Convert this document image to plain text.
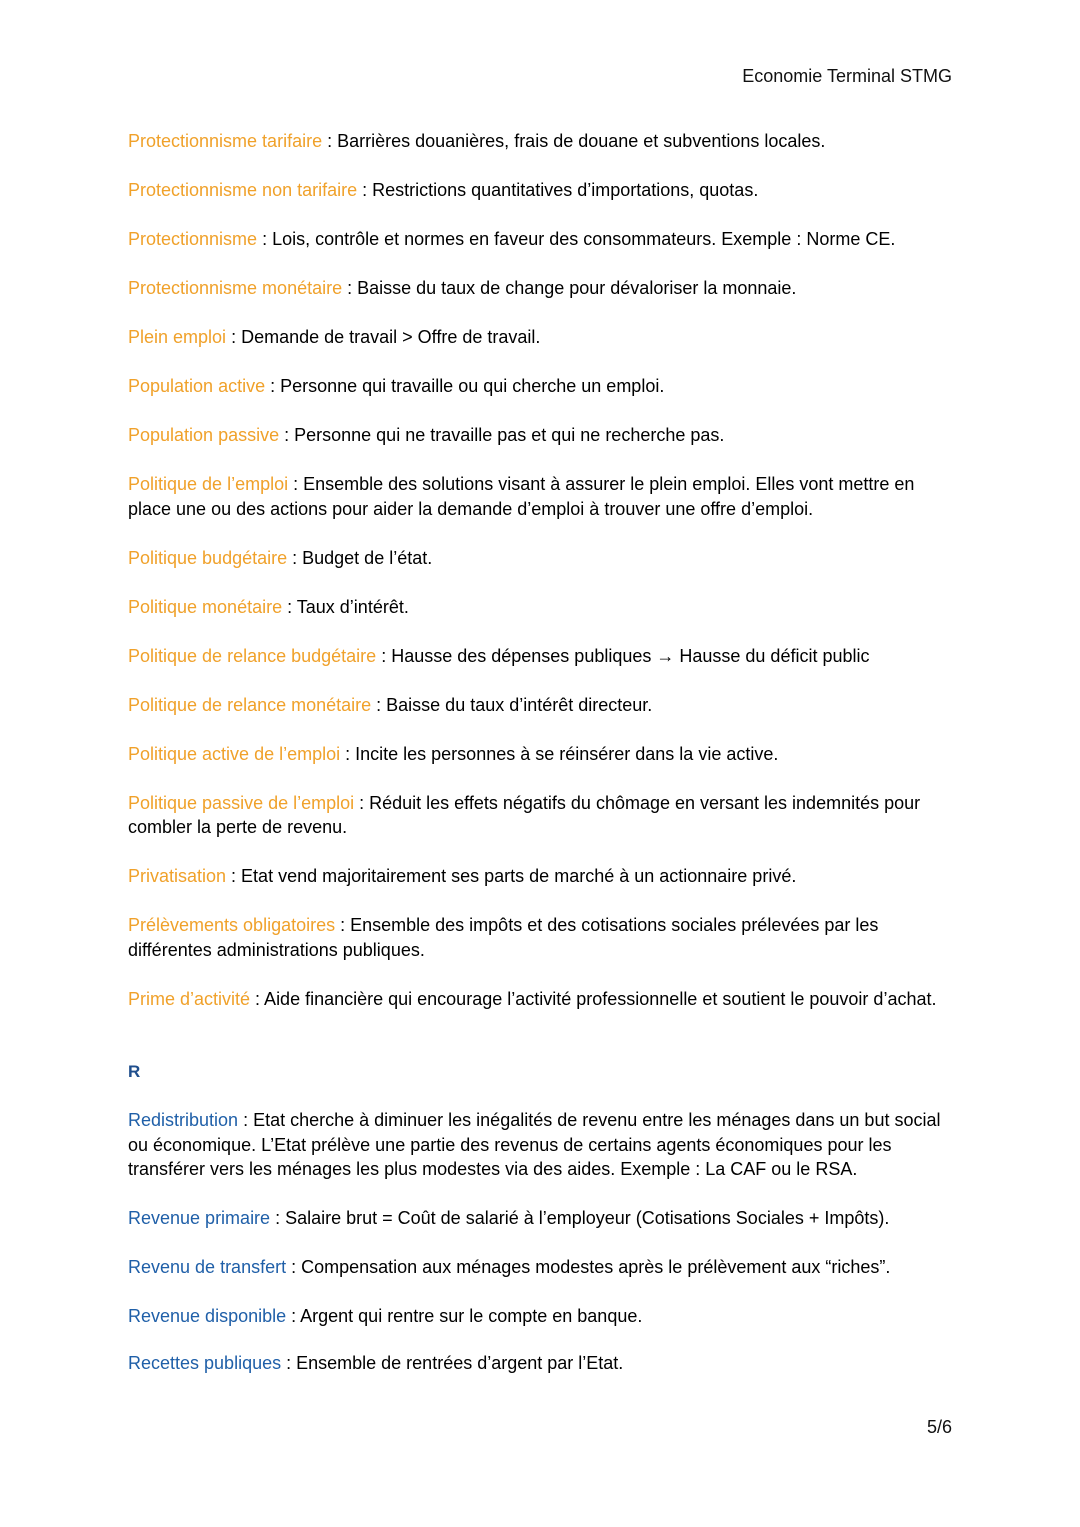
Economie Terminal STMG
Protectionnisme tarifaire : Barrières douanières, frais de douane et subventions locales.
Protectionnisme non tarifaire : Restrictions quantitatives d’importations, quotas.
Protectionnisme : Lois, contrôle et normes en faveur des consommateurs. Exemple : Norme CE.
Protectionnisme monétaire : Baisse du taux de change pour dévaloriser la monnaie.
Plein emploi : Demande de travail > Offre de travail.
Population active : Personne qui travaille ou qui cherche un emploi.
Population passive : Personne qui ne travaille pas et qui ne recherche pas.
Politique de l’emploi : Ensemble des solutions visant à assurer le plein emploi. Elles vont mettre en place une ou des actions pour aider la demande d’emploi à trouver une offre d’emploi.
Politique budgétaire : Budget de l’état.
Politique monétaire : Taux d’intérêt.
Politique de relance budgétaire : Hausse des dépenses publiques → Hausse du déficit public
Politique de relance monétaire : Baisse du taux d’intérêt directeur.
Politique active de l’emploi : Incite les personnes à se réinsérer dans la vie active.
Politique passive de l’emploi : Réduit les effets négatifs du chômage en versant les indemnités pour combler la perte de revenu.
Privatisation : Etat vend majoritairement ses parts de marché à un actionnaire privé.
Prélèvements obligatoires : Ensemble des impôts et des cotisations sociales prélevées par les différentes administrations publiques.
Prime d’activité : Aide financière qui encourage l’activité professionnelle et soutient le pouvoir d’achat.
R
Redistribution : Etat cherche à diminuer les inégalités de revenu entre les ménages dans un but social ou économique. L’Etat prélève une partie des revenus de certains agents économiques pour les transférer vers les ménages les plus modestes via des aides. Exemple : La CAF ou le RSA.
Revenue primaire : Salaire brut = Coût de salarié à l’employeur (Cotisations Sociales + Impôts).
Revenu de transfert : Compensation aux ménages modestes après le prélèvement aux “riches”.
Revenue disponible : Argent qui rentre sur le compte en banque.
Recettes publiques : Ensemble de rentrées d’argent par l’Etat.
5/6
